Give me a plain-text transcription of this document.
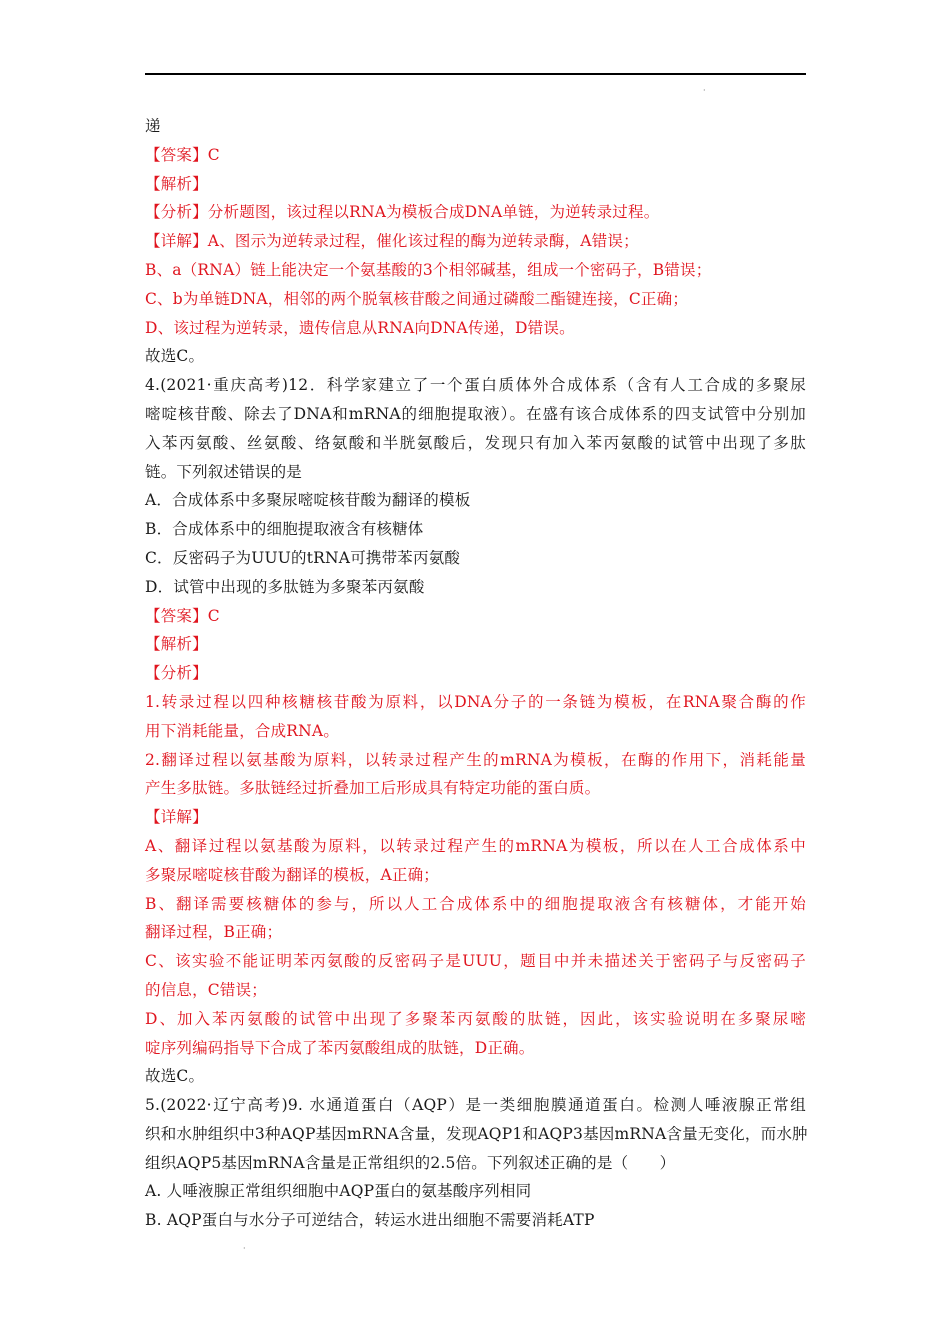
·
递
【答案】C
【解析】
【分析】分析题图，该过程以RNA为模板合成DNA单链，为逆转录过程。
【详解】A、图示为逆转录过程，催化该过程的酶为逆转录酶，A错误；
B、a（RNA）链上能决定一个氨基酸的3个相邻碱基，组成一个密码子，B错误；
C、b为单链DNA，相邻的两个脱氧核苷酸之间通过磷酸二酯键连接，C正确；
D、该过程为逆转录，遗传信息从RNA向DNA传递，D错误。
故选C。
4.(2021·重庆高考)12．科学家建立了一个蛋白质体外合成体系（含有人工合成的多聚尿
嘧啶核苷酸、除去了DNA和mRNA的细胞提取液）。在盛有该合成体系的四支试管中分别加
入苯丙氨酸、丝氨酸、络氨酸和半胱氨酸后，发现只有加入苯丙氨酸的试管中出现了多肽
链。下列叙述错误的是
A．合成体系中多聚尿嘧啶核苷酸为翻译的模板
B．合成体系中的细胞提取液含有核糖体
C．反密码子为UUU的tRNA可携带苯丙氨酸
D．试管中出现的多肽链为多聚苯丙氨酸
【答案】C
【解析】
【分析】
1.转录过程以四种核糖核苷酸为原料，以DNA分子的一条链为模板，在RNA聚合酶的作
用下消耗能量，合成RNA。
2.翻译过程以氨基酸为原料，以转录过程产生的mRNA为模板，在酶的作用下，消耗能量
产生多肽链。多肽链经过折叠加工后形成具有特定功能的蛋白质。
【详解】
A、翻译过程以氨基酸为原料，以转录过程产生的mRNA为模板，所以在人工合成体系中
多聚尿嘧啶核苷酸为翻译的模板，A正确；
B、翻译需要核糖体的参与，所以人工合成体系中的细胞提取液含有核糖体，才能开始
翻译过程，B正确；
C、该实验不能证明苯丙氨酸的反密码子是UUU，题目中并未描述关于密码子与反密码子
的信息，C错误；
D、加入苯丙氨酸的试管中出现了多聚苯丙氨酸的肽链，因此，该实验说明在多聚尿嘧
啶序列编码指导下合成了苯丙氨酸组成的肽链，D正确。
故选C。
5.(2022·辽宁高考)9. 水通道蛋白（AQP）是一类细胞膜通道蛋白。检测人唾液腺正常组
织和水肿组织中3种AQP基因mRNA含量，发现AQP1和AQP3基因mRNA含量无变化，而水肿
组织AQP5基因mRNA含量是正常组织的2.5倍。下列叙述正确的是（　　）
A. 人唾液腺正常组织细胞中AQP蛋白的氨基酸序列相同
B. AQP蛋白与水分子可逆结合，转运水进出细胞不需要消耗ATP
·
